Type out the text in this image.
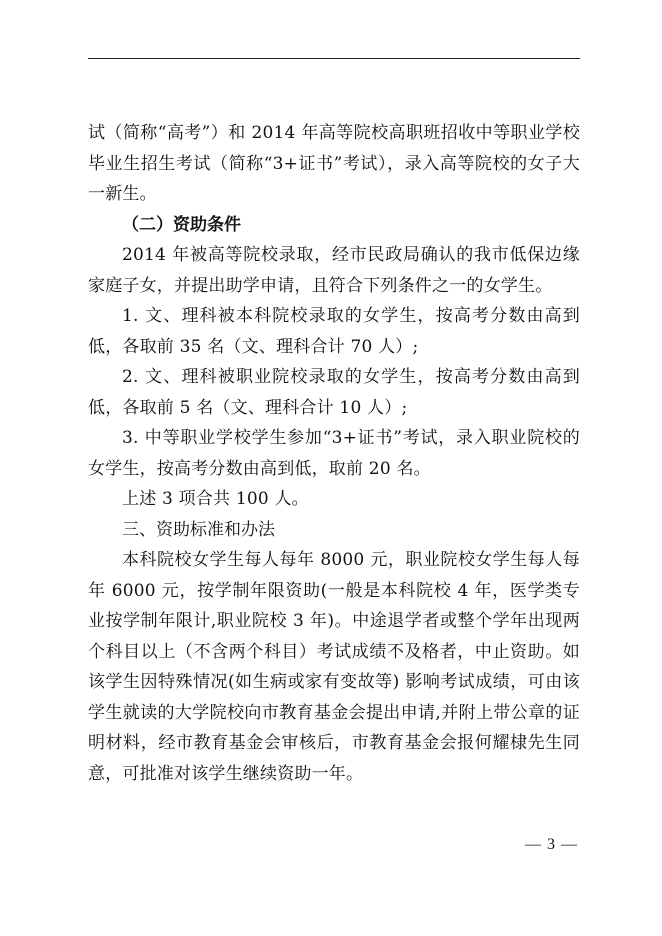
试（简称“高考”）和 2014 年高等院校高职班招收中等职业学校毕业生招生考试（简称“3+证书”考试），录入高等院校的女子大一新生。

（二）资助条件

2014 年被高等院校录取，经市民政局确认的我市低保边缘家庭子女，并提出助学申请，且符合下列条件之一的女学生。

1. 文、理科被本科院校录取的女学生，按高考分数由高到低，各取前 35 名（文、理科合计 70 人）;

2. 文、理科被职业院校录取的女学生，按高考分数由高到低，各取前 5 名（文、理科合计 10 人）;

3. 中等职业学校学生参加“3+证书”考试，录入职业院校的女学生，按高考分数由高到低，取前 20 名。

上述 3 项合共 100 人。

三、资助标准和办法

本科院校女学生每人每年 8000 元，职业院校女学生每人每年 6000 元，按学制年限资助(一般是本科院校 4 年，医学类专业按学制年限计,职业院校 3 年)。中途退学者或整个学年出现两个科目以上（不含两个科目）考试成绩不及格者，中止资助。如该学生因特殊情况(如生病或家有变故等) 影响考试成绩，可由该学生就读的大学院校向市教育基金会提出申请,并附上带公章的证明材料，经市教育基金会审核后，市教育基金会报何耀棣先生同意，可批准对该学生继续资助一年。

— 3 —
